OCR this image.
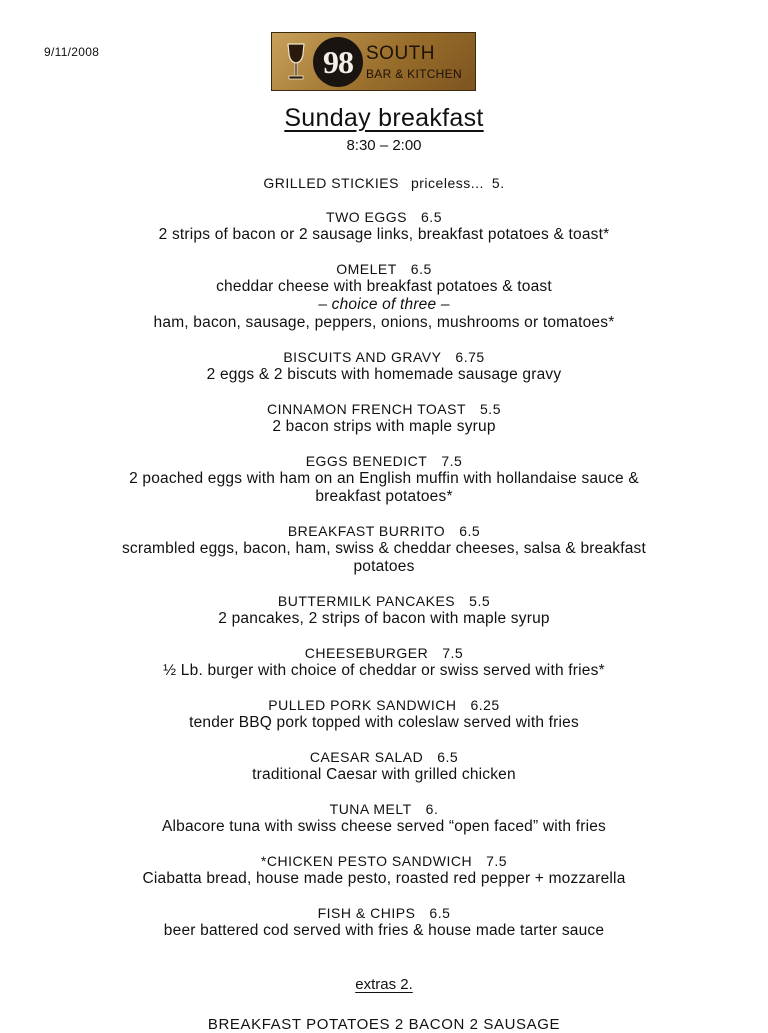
9/11/2008	98 SOUTH
BAR & KITCHEN
Sunday breakfast
8:30 – 2:00
GRILLED STICKIES priceless... 5.
TWO EGGS 6.5
2 strips of bacon or 2 sausage links, breakfast potatoes & toast*
OMELET 6.5
cheddar cheese with breakfast potatoes & toast
– choice of three –
ham, bacon, sausage, peppers, onions, mushrooms or tomatoes*
BISCUITS AND GRAVY 6.75
2 eggs & 2 biscuts with homemade sausage gravy
CINNAMON FRENCH TOAST 5.5
2 bacon strips with maple syrup
EGGS BENEDICT 7.5
2 poached eggs with ham on an English muffin with hollandaise sauce &
breakfast potatoes*
BREAKFAST BURRITO 6.5
scrambled eggs, bacon, ham, swiss & cheddar cheeses, salsa & breakfast
potatoes
BUTTERMILK PANCAKES 5.5
2 pancakes, 2 strips of bacon with maple syrup
CHEESEBURGER 7.5
½ Lb. burger with choice of cheddar or swiss served with fries*
PULLED PORK SANDWICH 6.25
tender BBQ pork topped with coleslaw served with fries
CAESAR SALAD 6.5
traditional Caesar with grilled chicken
TUNA MELT 6.
Albacore tuna with swiss cheese served “open faced” with fries
*CHICKEN PESTO SANDWICH 7.5
Ciabatta bread, house made pesto, roasted red pepper + mozzarella
FISH & CHIPS 6.5
beer battered cod served with fries & house made tarter sauce
extras 2.
BREAKFAST POTATOES 2 BACON 2 SAUSAGE
